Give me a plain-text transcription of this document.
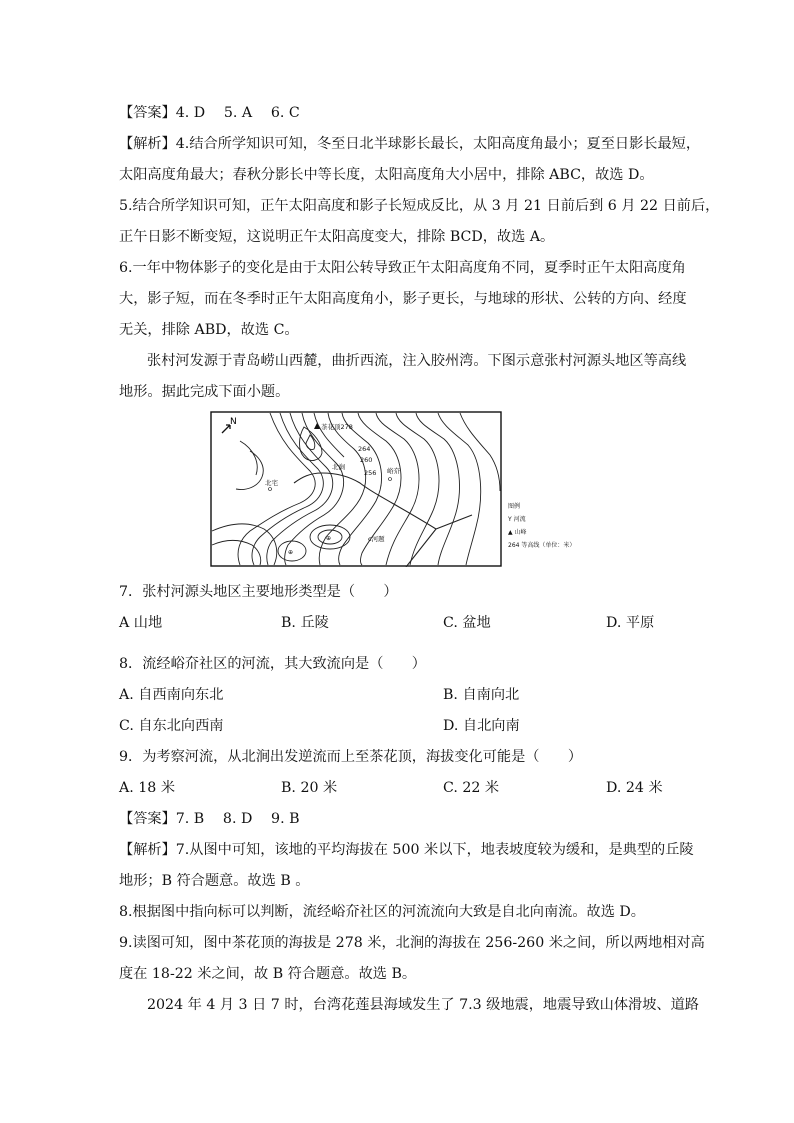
【答案】4. D　 5. A　 6. C
【解析】4.结合所学知识可知，冬至日北半球影长最长，太阳高度角最小；夏至日影长最短，
太阳高度角最大；春秋分影长中等长度，太阳高度角大小居中，排除 ABC，故选 D。
5.结合所学知识可知，正午太阳高度和影子长短成反比，从 3 月 21 日前后到 6 月 22 日前后，
正午日影不断变短，这说明正午太阳高度变大，排除 BCD，故选 A。
6.一年中物体影子的变化是由于太阳公转导致正午太阳高度角不同，夏季时正午太阳高度角
大，影子短，而在冬季时正午太阳高度角小，影子更长，与地球的形状、公转的方向、经度
无关，排除 ABD，故选 C。
张村河发源于青岛崂山西麓，曲折西流，注入胶州湾。下图示意张村河源头地区等高线
地形。据此完成下面小题。
N	茶花顶278
264
260
256
北涧	峪夼
北宅
c河题
⊕
⊕
图例
Y 河流
▲ 山峰
264 等高线（单位：米）
7．张村河源头地区主要地形类型是（　　）
A 山地	B. 丘陵	C. 盆地	D. 平原
8．流经峪夼社区的河流，其大致流向是（　　）
A. 自西南向东北	B. 自南向北
C. 自东北向西南	D. 自北向南
9．为考察河流，从北涧出发逆流而上至茶花顶，海拔变化可能是（　　）
A. 18 米	B. 20 米	C. 22 米	D. 24 米
【答案】7. B　 8. D　 9. B
【解析】7.从图中可知，该地的平均海拔在 500 米以下，地表坡度较为缓和，是典型的丘陵
地形；B 符合题意。故选 B 。
8.根据图中指向标可以判断，流经峪夼社区的河流流向大致是自北向南流。故选 D。
9.读图可知，图中茶花顶的海拔是 278 米，北涧的海拔在 256-260 米之间，所以两地相对高
度在 18-22 米之间，故 B 符合题意。故选 B。
2024 年 4 月 3 日 7 时，台湾花莲县海域发生了 7.3 级地震，地震导致山体滑坡、道路
